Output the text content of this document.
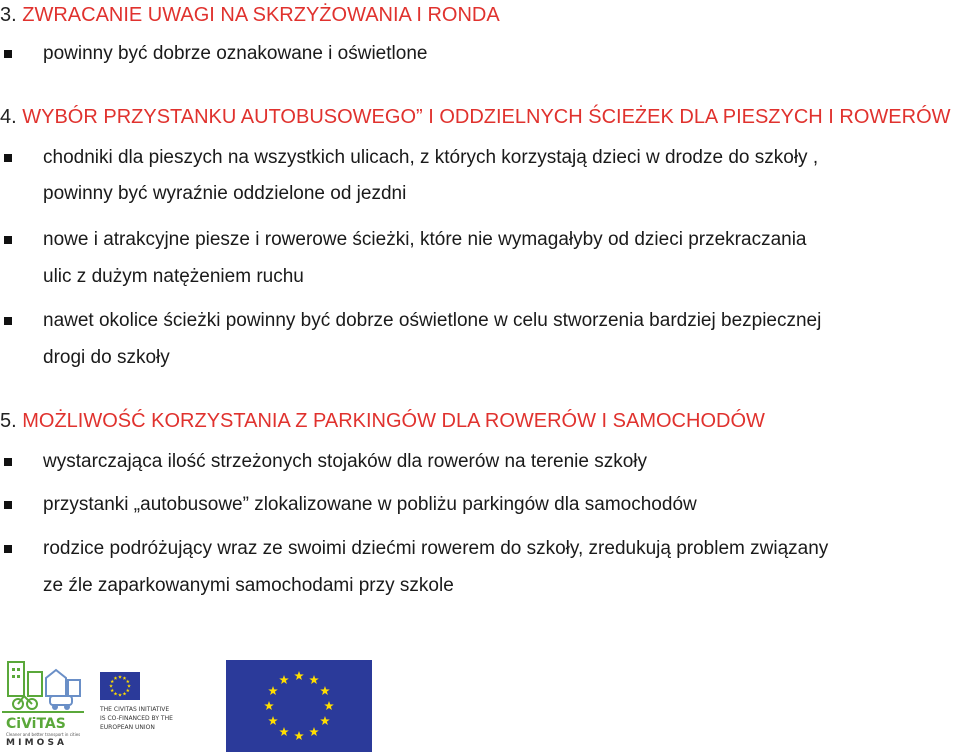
3. ZWRACANIE UWAGI NA SKRZYŻOWANIA I RONDA
powinny być dobrze oznakowane i oświetlone
4. WYBÓR PRZYSTANKU AUTOBUSOWEGO” I ODDZIELNYCH ŚCIEŻEK DLA PIESZYCH I ROWERÓW
chodniki dla pieszych na wszystkich ulicach, z których korzystają dzieci w drodze do szkoły ,
powinny być wyraźnie oddzielone od jezdni
nowe i atrakcyjne piesze i rowerowe ścieżki, które nie wymagałyby od dzieci przekraczania
ulic z dużym natężeniem ruchu
nawet okolice ścieżki powinny być dobrze oświetlone w celu stworzenia bardziej bezpiecznej
drogi do szkoły
5. MOŻLIWOŚĆ KORZYSTANIA Z PARKINGÓW DLA ROWERÓW I SAMOCHODÓW
wystarczająca ilość strzeżonych stojaków dla rowerów na terenie szkoły
przystanki „autobusowe” zlokalizowane w pobliżu parkingów dla samochodów
rodzice podróżujący wraz ze swoimi dziećmi rowerem do szkoły, zredukują problem związany
ze źle zaparkowanymi samochodami przy szkole
CiViTAS
Cleaner and better transport in cities
M I M O S A
THE CIVITAS INITIATIVE
IS CO-FINANCED BY THE
EUROPEAN UNION
